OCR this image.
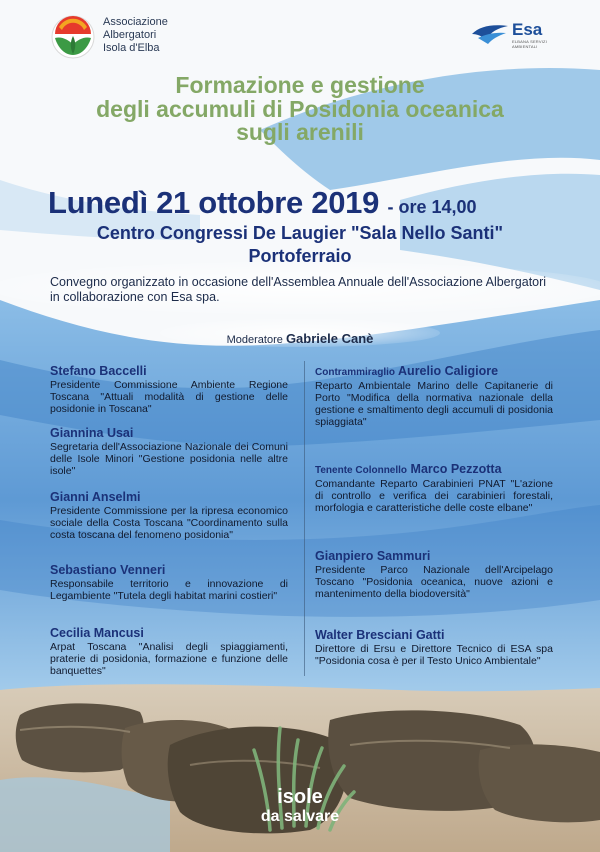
Associazione
Albergatori
Isola d'Elba
Esa
ELBANA SERVIZI AMBIENTALI
Formazione e gestione
degli accumuli di Posidonia oceanica
sugli arenili
Lunedì 21 ottobre 2019 - ore 14,00
Centro Congressi De Laugier "Sala Nello Santi"
Portoferraio
Convegno organizzato in occasione dell'Assemblea Annuale dell'Associazione Albergatori in collaborazione con Esa spa.
Moderatore Gabriele Canè
Stefano Baccelli
Presidente Commissione Ambiente Regione Toscana "Attuali modalità di gestione delle posidonie in Toscana"
Giannina Usai
Segretaria dell'Associazione Nazionale dei Comuni delle Isole Minori "Gestione posidonia nelle altre isole"
Gianni Anselmi
Presidente Commissione per la ripresa economico sociale della Costa Toscana "Coordinamento sulla costa toscana del fenomeno posidonia"
Sebastiano Venneri
Responsabile territorio e innovazione di Legambiente "Tutela degli habitat marini costieri"
Cecilia Mancusi
Arpat Toscana "Analisi degli spiaggiamenti, praterie di posidonia, formazione e funzione delle banquettes"
Contrammiraglio Aurelio Caligiore
Reparto Ambientale Marino delle Capitanerie di Porto "Modifica della normativa nazionale della gestione e smaltimento degli accumuli di posidonia spiaggiata"
Tenente Colonnello Marco Pezzotta
Comandante Reparto Carabinieri PNAT "L'azione di controllo e verifica dei carabinieri forestali, morfologia e caratteristiche delle coste elbane"
Gianpiero Sammuri
Presidente Parco Nazionale dell'Arcipelago Toscano "Posidonia oceanica, nuove azioni e mantenimento della biodoversità"
Walter Bresciani Gatti
Direttore di Ersu e Direttore Tecnico di ESA spa "Posidonia cosa è per il Testo Unico Ambientale"
isole
da salvare
